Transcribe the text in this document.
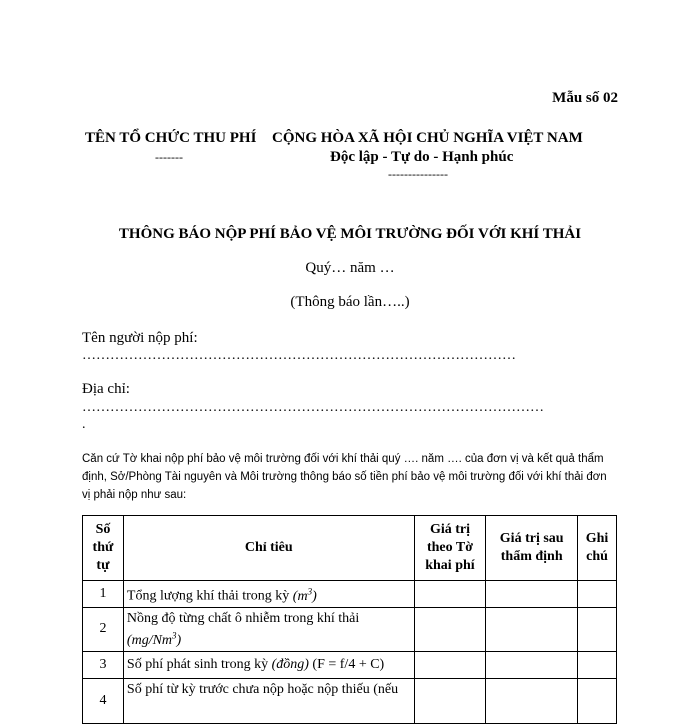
Mẫu số 02
TÊN TỔ CHỨC THU PHÍ
-------
CỘNG HÒA XÃ HỘI CHỦ NGHĨA VIỆT NAM
Độc lập - Tự do - Hạnh phúc
---------------
THÔNG BÁO NỘP PHÍ BẢO VỆ MÔI TRƯỜNG ĐỐI VỚI KHÍ THẢI
Quý… năm …
(Thông báo lần…..)
Tên người nộp phí:
…………………………………………………………………………………
Địa chỉ:
………………………………………………………………………………………
.
Căn cứ Tờ khai nộp phí bảo vệ môi trường đối với khí thải quý …. năm …. của đơn vị và kết quả thẩm định, Sở/Phòng Tài nguyên và Môi trường thông báo số tiền phí bảo vệ môi trường đối với khí thải đơn vị phải nộp như sau:
Số thứ tự	Chỉ tiêu	Giá trị theo Tờ khai phí	Giá trị sau thẩm định	Ghi chú
1	Tổng lượng khí thải trong kỳ $(m^3)$			
2	Nồng độ từng chất ô nhiễm trong khí thải (mg/Nm$^3$)			
3	Số phí phát sinh trong kỳ (đồng) (F = f/4 + C)			
4	Số phí từ kỳ trước chưa nộp hoặc nộp thiếu (nếu			
